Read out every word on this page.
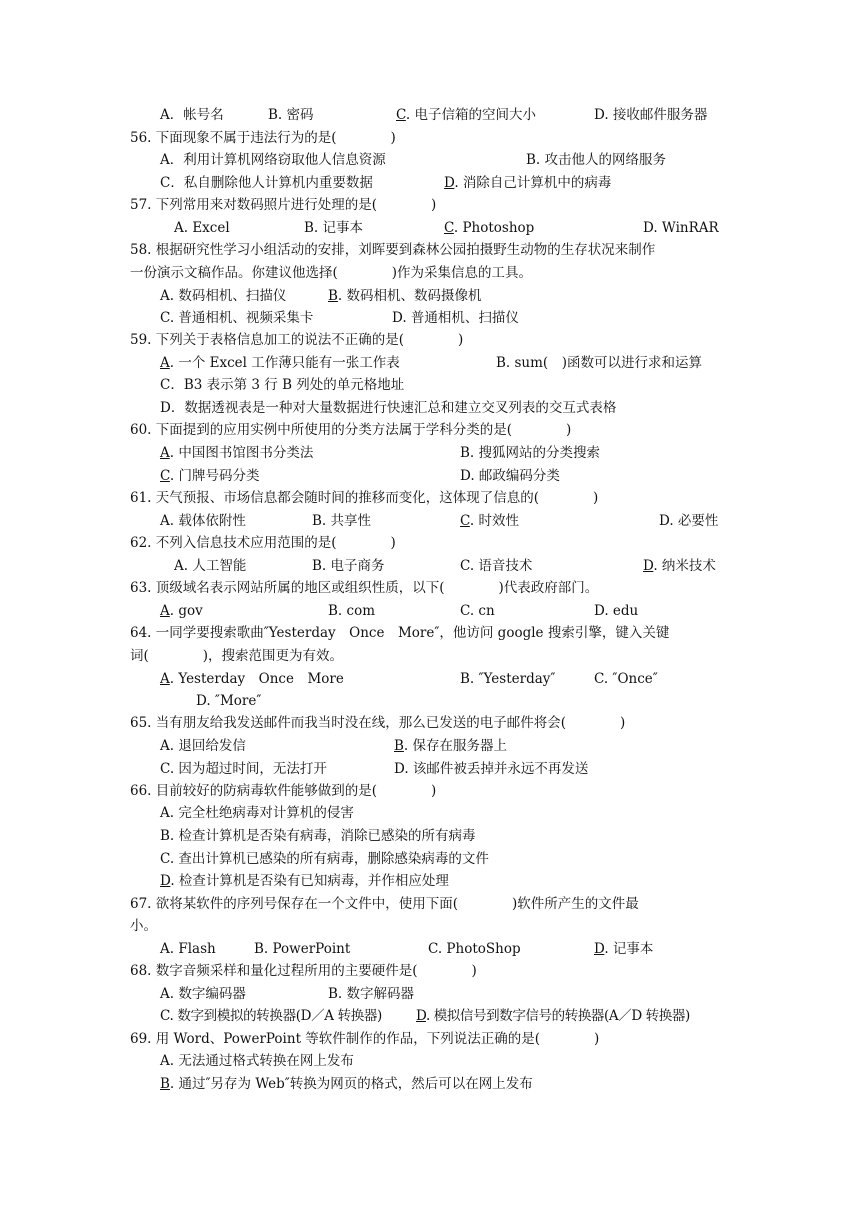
A．帐号名	B. 密码	C. 电子信箱的空间大小	D. 接收邮件服务器
56. 下面现象不属于违法行为的是(　　　　)
A．利用计算机网络窃取他人信息资源	B. 攻击他人的网络服务
C．私自删除他人计算机内重要数据	D. 消除自己计算机中的病毒
57. 下列常用来对数码照片进行处理的是(　　　　)
A. Excel	B. 记事本	C. Photoshop	D. WinRAR
58. 根据研究性学习小组活动的安排，刘晖要到森林公园拍摄野生动物的生存状况来制作
一份演示文稿作品。你建议他选择(　　　　)作为采集信息的工具。
A. 数码相机、扫描仪	B. 数码相机、数码摄像机
C. 普通相机、视频采集卡	D. 普通相机、扫描仪
59. 下列关于表格信息加工的说法不正确的是(　　　　)
A. 一个 Excel 工作薄只能有一张工作表	B. sum(　)函数可以进行求和运算
C．B3 表示第 3 行 B 列处的单元格地址
D．数据透视表是一种对大量数据进行快速汇总和建立交叉列表的交互式表格
60. 下面提到的应用实例中所使用的分类方法属于学科分类的是(　　　　)
A. 中国图书馆图书分类法	B. 搜狐网站的分类搜索
C. 门牌号码分类	D. 邮政编码分类
61. 天气预报、市场信息都会随时间的推移而变化，这体现了信息的(　　　　)
A. 载体依附性	B. 共享性	C. 时效性	D. 必要性
62. 不列入信息技术应用范围的是(　　　　)
A. 人工智能	B. 电子商务	C. 语音技术	D. 纳米技术
63. 顶级域名表示网站所属的地区或组织性质，以下(　　　　)代表政府部门。
A. gov	B. com	C. cn	D. edu
64. 一同学要搜索歌曲″Yesterday　Once　More″，他访问 google 搜索引擎，键入关键
词(　　　　)，搜索范围更为有效。
A. Yesterday　Once　More	B. ″Yesterday″	C. ″Once″
D. ″More″
65. 当有朋友给我发送邮件而我当时没在线，那么已发送的电子邮件将会(　　　　)
A. 退回给发信	B. 保存在服务器上
C. 因为超过时间，无法打开	D. 该邮件被丢掉并永远不再发送
66. 目前较好的防病毒软件能够做到的是(　　　　)
A. 完全杜绝病毒对计算机的侵害
B. 检查计算机是否染有病毒，消除已感染的所有病毒
C. 查出计算机已感染的所有病毒，删除感染病毒的文件
D. 检查计算机是否染有已知病毒，并作相应处理
67. 欲将某软件的序列号保存在一个文件中，使用下面(　　　　)软件所产生的文件最
小。
A. Flash	B. PowerPoint	C. PhotoShop	D. 记事本
68. 数字音频采样和量化过程所用的主要硬件是(　　　　)
A. 数字编码器	B. 数字解码器
C. 数字到模拟的转换器(D／A 转换器)	D. 模拟信号到数字信号的转换器(A／D 转换器)
69. 用 Word、PowerPoint 等软件制作的作品，下列说法正确的是(　　　　)
A. 无法通过格式转换在网上发布
B. 通过″另存为 Web″转换为网页的格式，然后可以在网上发布
